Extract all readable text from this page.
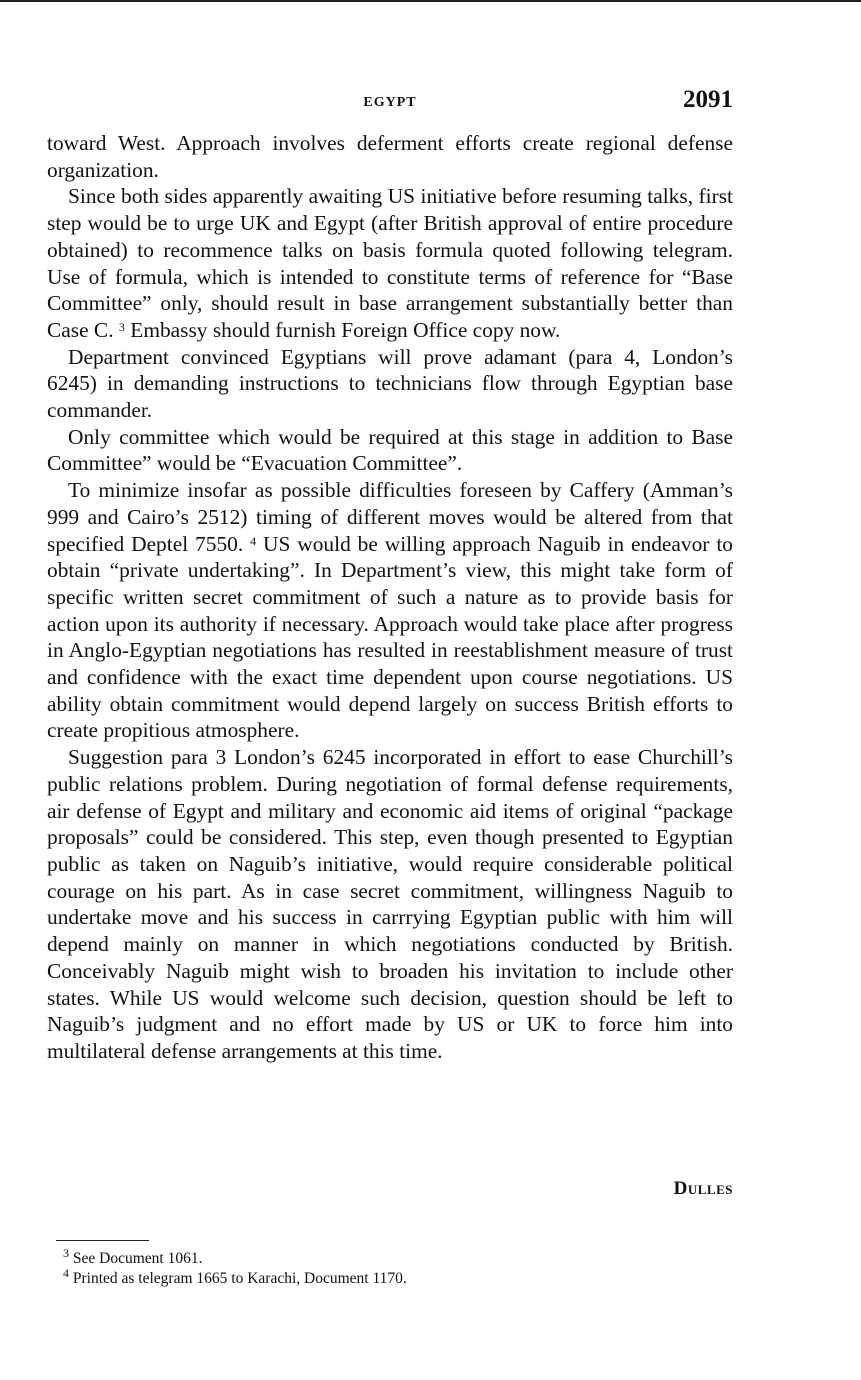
EGYPT	2091

toward West. Approach involves deferment efforts create regional defense organization.

Since both sides apparently awaiting US initiative before resuming talks, first step would be to urge UK and Egypt (after British approval of entire procedure obtained) to recommence talks on basis formula quoted following telegram. Use of formula, which is intended to constitute terms of reference for “Base Committee” only, should result in base arrangement substantially better than Case C. $^3$ Embassy should furnish Foreign Office copy now.

Department convinced Egyptians will prove adamant (para 4, London’s 6245) in demanding instructions to technicians flow through Egyptian base commander.

Only committee which would be required at this stage in addition to Base Committee” would be “Evacuation Committee”.

To minimize insofar as possible difficulties foreseen by Caffery (Amman’s 999 and Cairo’s 2512) timing of different moves would be altered from that specified Deptel 7550. $^4$ US would be willing approach Naguib in endeavor to obtain “private undertaking”. In Department’s view, this might take form of specific written secret commitment of such a nature as to provide basis for action upon its authority if necessary. Approach would take place after progress in Anglo-Egyptian negotiations has resulted in reestablishment measure of trust and confidence with the exact time dependent upon course negotiations. US ability obtain commitment would depend largely on success British efforts to create propitious atmosphere.

Suggestion para 3 London’s 6245 incorporated in effort to ease Churchill’s public relations problem. During negotiation of formal defense requirements, air defense of Egypt and military and economic aid items of original “package proposals” could be considered. This step, even though presented to Egyptian public as taken on Naguib’s initiative, would require considerable political courage on his part. As in case secret commitment, willingness Naguib to undertake move and his success in carrrying Egyptian public with him will depend mainly on manner in which negotiations conducted by British. Conceivably Naguib might wish to broaden his invitation to include other states. While US would welcome such decision, question should be left to Naguib’s judgment and no effort made by US or UK to force him into multilateral defense arrangements at this time.

Dulles
$^3$ See Document 1061.
$^4$ Printed as telegram 1665 to Karachi, Document 1170.
